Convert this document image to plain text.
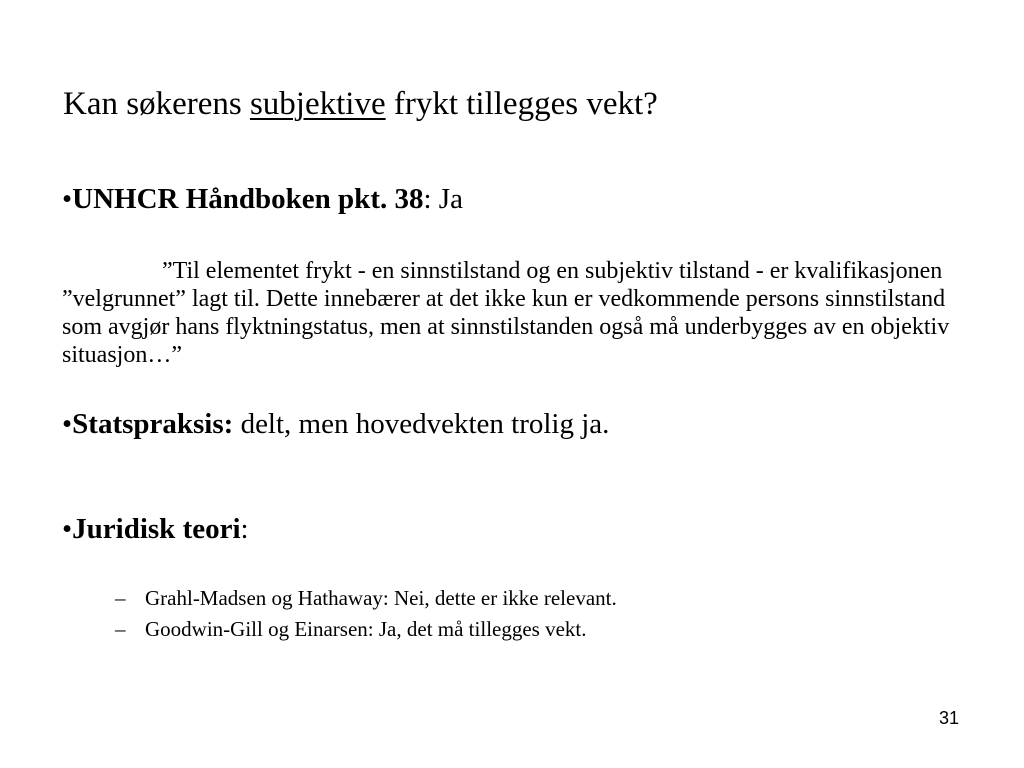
Kan søkerens subjektive frykt tillegges vekt?
•UNHCR Håndboken pkt. 38: Ja

”Til elementet frykt - en sinnstilstand og en subjektiv tilstand - er kvalifikasjonen ”velgrunnet” lagt til. Dette innebærer at det ikke kun er vedkommende persons sinnstilstand som avgjør hans flyktningstatus, men at sinnstilstanden også må underbygges av en objektiv situasjon…”

•Statspraksis: delt, men hovedvekten trolig ja.
•Juridisk teori:
– Grahl-Madsen og Hathaway: Nei, dette er ikke relevant.
– Goodwin-Gill og Einarsen: Ja, det må tillegges vekt.
31
